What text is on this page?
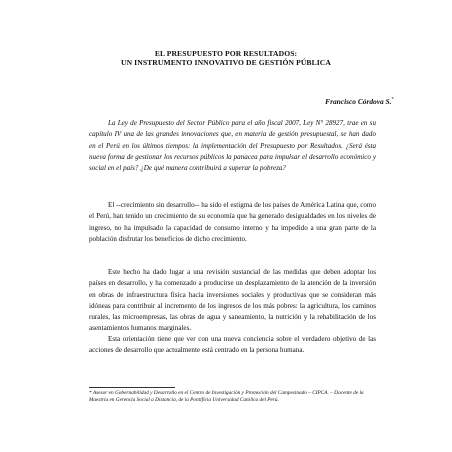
EL PRESUPUESTO POR RESULTADOS:
UN INSTRUMENTO INNOVATIVO DE GESTIÓN PÚBLICA
Francisco Córdova S.*

La Ley de Presupuesto del Sector Público para el año fiscal 2007, Ley N° 28927, trae en su capítulo IV una de las grandes innovaciones que, en materia de gestión presupuestal, se han dado en el Perú en los últimos tiempos: la implementación del Presupuesto por Resultados. ¿Será ésta nueva forma de gestionar los recursos públicos la panacea para impulsar el desarrollo económico y social en el país? ¿De qué manera contribuirá a superar la pobreza?

El --crecimiento sin desarrollo-- ha sido el estigma de los países de América Latina que, como el Perú, han tenido un crecimiento de su economía que ha generado desigualdades en los niveles de ingreso, no ha impulsado la capacidad de consumo interno y ha impedido a una gran parte de la población disfrutar los beneficios de dicho crecimiento.

Este hecho ha dado lugar a una revisión sustancial de las medidas que deben adoptar los países en desarrollo, y ha comenzado a producirse un desplazamiento de la atención de la inversión en obras de infraestructura física hacia inversiones sociales y productivas que se consideran más idóneas para contribuir al incremento de los ingresos de los más pobres: la agricultura, los caminos rurales, las microempresas, las obras de agua y saneamiento, la nutrición y la rehabilitación de los asentamientos humanos marginales.

Esta orientación tiene que ver con una nueva conciencia sobre el verdadero objetivo de las acciones de desarrollo que actualmente está centrado en la persona humana.

* Asesor en Gobernabilidad y Desarrollo en el Centro de Investigación y Promoción del Campesinado – CIPCA. – Docente de la Maestría en Gerencia Social a Distancia, de la Pontificia Universidad Católica del Perú.
